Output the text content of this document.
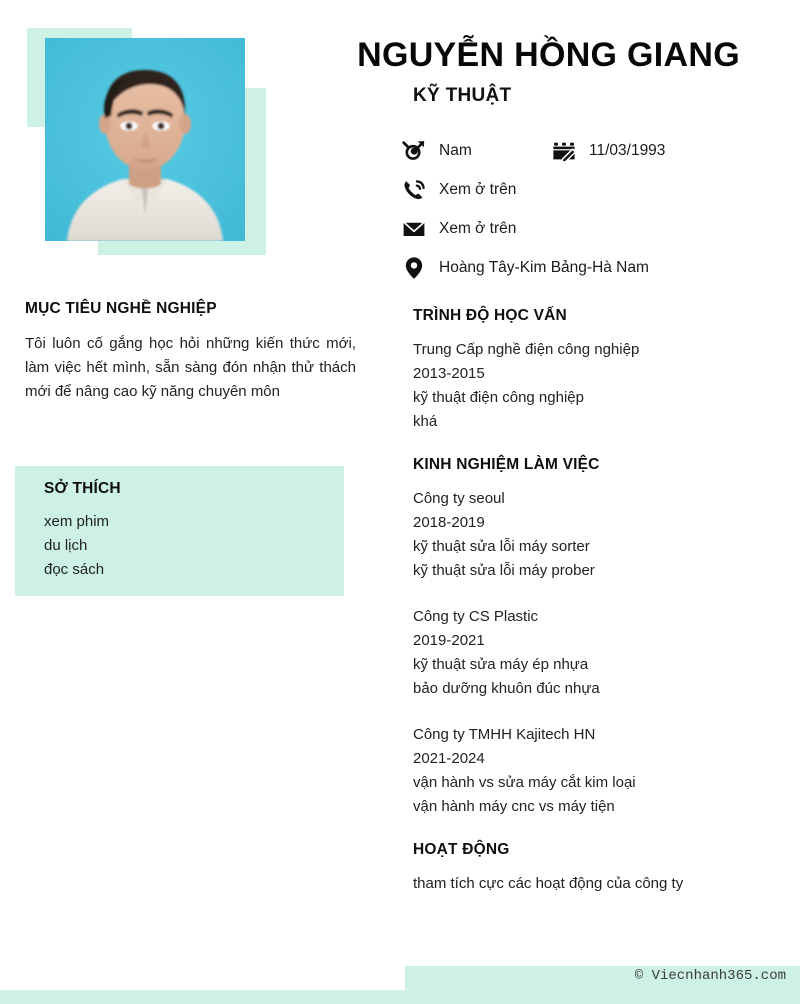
MỤC TIÊU NGHỀ NGHIỆP

Tôi luôn cố gắng học hỏi những kiến thức mới, làm việc hết mình, sẵn sàng đón nhận thử thách mới để nâng cao kỹ năng chuyên môn

SỞ THÍCH
xem phim
du lịch
đọc sách
NGUYỄN HỒNG GIANG
KỸ THUẬT
Nam	11/03/1993
Xem ở trên
Xem ở trên
Hoàng Tây-Kim Bảng-Hà Nam
TRÌNH ĐỘ HỌC VẤN
Trung Cấp nghề điện công nghiệp
2013-2015
kỹ thuật điện công nghiệp
khá
KINH NGHIỆM LÀM VIỆC
Công ty seoul
2018-2019
kỹ thuật sửa lỗi máy sorter
kỹ thuật sửa lỗi máy prober
Công ty CS Plastic
2019-2021
kỹ thuật sửa máy ép nhựa
bảo dưỡng khuôn đúc nhựa
Công ty TMHH Kajitech HN
2021-2024
vận hành vs sửa máy cắt kim loại
vận hành máy cnc vs máy tiện
HOẠT ĐỘNG
tham tích cực các hoạt động của công ty
© Viecnhanh365.com
